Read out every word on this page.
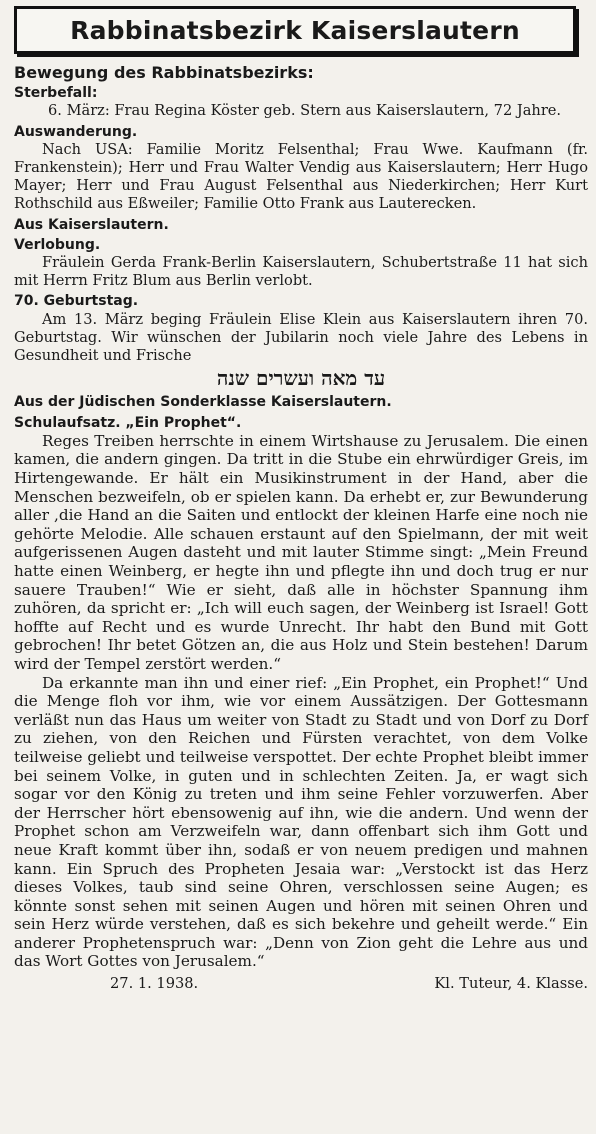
Rabbinatsbezirk Kaiserslautern
Bewegung des Rabbinatsbezirks:
Sterbefall:

6. März: Frau Regina Köster geb. Stern aus Kaiserslautern, 72 Jahre.

Auswanderung.

Nach USA: Familie Moritz Felsenthal; Frau Wwe. Kaufmann (fr. Frankenstein); Herr und Frau Walter Vendig aus Kaiserslautern; Herr Hugo Mayer; Herr und Frau August Felsenthal aus Niederkirchen; Herr Kurt Rothschild aus Eßweiler; Familie Otto Frank aus Lauterecken.

Aus Kaiserslautern.
Verlobung.

Fräulein Gerda Frank-Berlin Kaiserslautern, Schubertstraße 11 hat sich mit Herrn Fritz Blum aus Berlin verlobt.

70. Geburtstag.

Am 13. März beging Fräulein Elise Klein aus Kaiserslautern ihren 70. Geburtstag. Wir wünschen der Jubilarin noch viele Jahre des Lebens in Gesundheit und Frische

עד מאה ועשרים שנה
Aus der Jüdischen Sonderklasse Kaiserslautern.
Schulaufsatz. „Ein Prophet“.

Reges Treiben herrschte in einem Wirtshause zu Jerusalem. Die einen kamen, die andern gingen. Da tritt in die Stube ein ehrwürdiger Greis, im Hirtengewande. Er hält ein Musikinstrument in der Hand, aber die Menschen bezweifeln, ob er spielen kann. Da erhebt er, zur Bewunderung aller ,die Hand an die Saiten und entlockt der kleinen Harfe eine noch nie gehörte Melodie. Alle schauen erstaunt auf den Spielmann, der mit weit aufgerissenen Augen dasteht und mit lauter Stimme singt: „Mein Freund hatte einen Weinberg, er hegte ihn und pflegte ihn und doch trug er nur sauere Trauben!“ Wie er sieht, daß alle in höchster Spannung ihm zuhören, da spricht er: „Ich will euch sagen, der Weinberg ist Israel! Gott hoffte auf Recht und es wurde Unrecht. Ihr habt den Bund mit Gott gebrochen! Ihr betet Götzen an, die aus Holz und Stein bestehen! Darum wird der Tempel zerstört werden.“

Da erkannte man ihn und einer rief: „Ein Prophet, ein Prophet!“ Und die Menge floh vor ihm, wie vor einem Aussätzigen. Der Gottesmann verläßt nun das Haus um weiter von Stadt zu Stadt und von Dorf zu Dorf zu ziehen, von den Reichen und Fürsten verachtet, von dem Volke teilweise geliebt und teilweise verspottet. Der echte Prophet bleibt immer bei seinem Volke, in guten und in schlechten Zeiten. Ja, er wagt sich sogar vor den König zu treten und ihm seine Fehler vorzuwerfen. Aber der Herrscher hört ebensowenig auf ihn, wie die andern. Und wenn der Prophet schon am Verzweifeln war, dann offenbart sich ihm Gott und neue Kraft kommt über ihn, sodaß er von neuem predigen und mahnen kann. Ein Spruch des Propheten Jesaia war: „Verstockt ist das Herz dieses Volkes, taub sind seine Ohren, verschlossen seine Augen; es könnte sonst sehen mit seinen Augen und hören mit seinen Ohren und sein Herz würde verstehen, daß es sich bekehre und geheilt werde.“ Ein anderer Prophetenspruch war: „Denn von Zion geht die Lehre aus und das Wort Gottes von Jerusalem.“

27. 1. 1938.	Kl. Tuteur, 4. Klasse.
